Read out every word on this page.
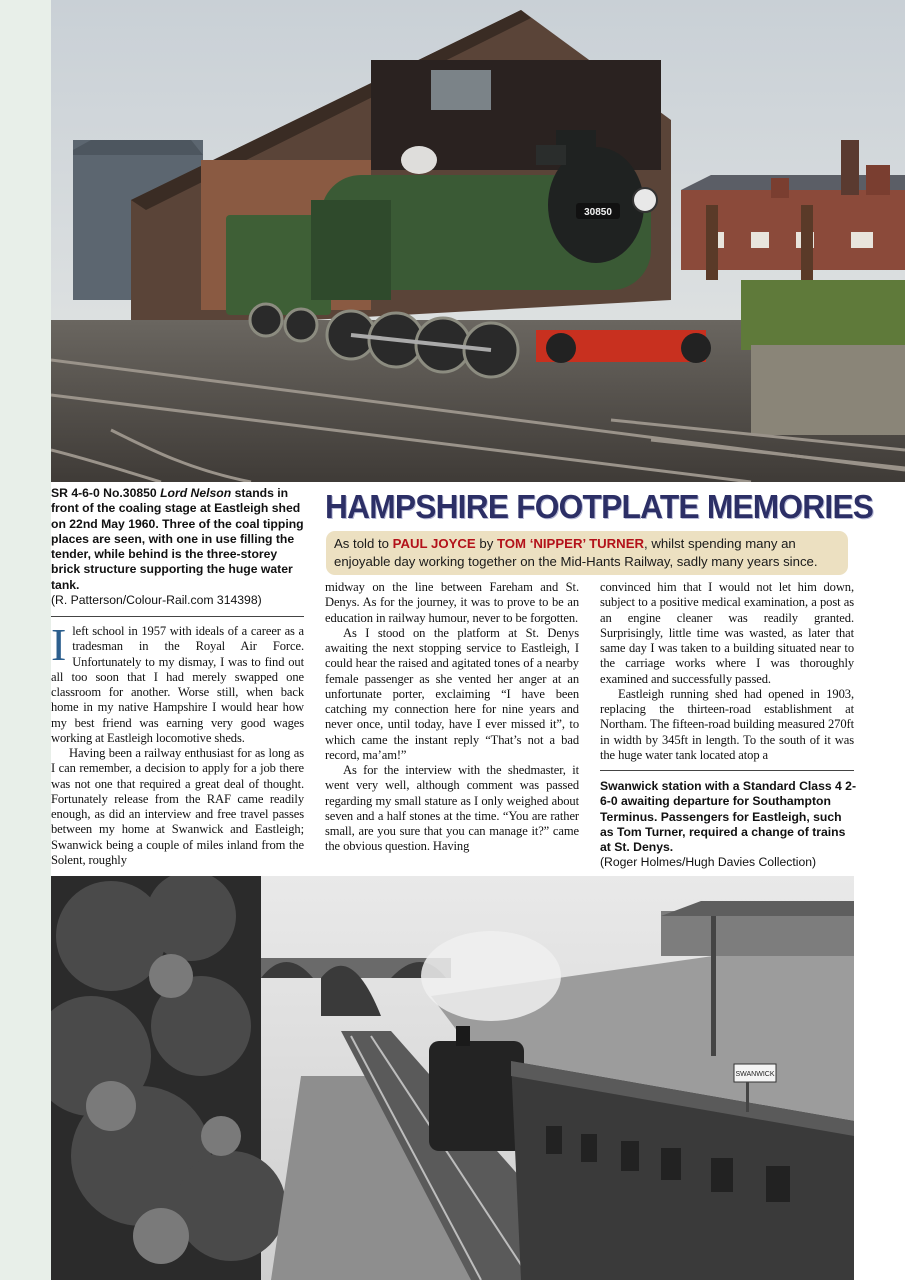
30850
SR 4-6-0 No.30850 Lord Nelson stands in front of the coaling stage at Eastleigh shed on 22nd May 1960. Three of the coal tipping places are seen, with one in use filling the tender, while behind is the three-storey brick structure supporting the huge water tank.
(R. Patterson/Colour-Rail.com 314398)
HAMPSHIRE FOOTPLATE MEMORIES
As told to PAUL JOYCE by TOM ‘NIPPER’ TURNER, whilst spending many an enjoyable day working together on the Mid-Hants Railway, sadly many years since.

Ileft school in 1957 with ideals of a career as a tradesman in the Royal Air Force. Unfortunately to my dismay, I was to find out all too soon that I had merely swapped one classroom for another. Worse still, when back home in my native Hampshire I would hear how my best friend was earning very good wages working at Eastleigh locomotive sheds.

Having been a railway enthusiast for as long as I can remember, a decision to apply for a job there was not one that required a great deal of thought. Fortunately release from the RAF came readily enough, as did an interview and free travel passes between my home at Swanwick and Eastleigh; Swanwick being a couple of miles inland from the Solent, roughly

midway on the line between Fareham and St. Denys. As for the journey, it was to prove to be an education in railway humour, never to be forgotten.

As I stood on the platform at St. Denys awaiting the next stopping service to Eastleigh, I could hear the raised and agitated tones of a nearby female passenger as she vented her anger at an unfortunate porter, exclaiming “I have been catching my connection here for nine years and never once, until today, have I ever missed it”, to which came the instant reply “That’s not a bad record, ma’am!”

As for the interview with the shedmaster, it went very well, although comment was passed regarding my small stature as I only weighed about seven and a half stones at the time. “You are rather small, are you sure that you can manage it?” came the obvious question. Having

convinced him that I would not let him down, subject to a positive medical examination, a post as an engine cleaner was readily granted. Surprisingly, little time was wasted, as later that same day I was taken to a building situated near to the carriage works where I was thoroughly examined and successfully passed.

Eastleigh running shed had opened in 1903, replacing the thirteen-road establishment at Northam. The fifteen-road building measured 270ft in width by 345ft in length. To the south of it was the huge water tank located atop a

Swanwick station with a Standard Class 4 2-6-0 awaiting departure for Southampton Terminus. Passengers for Eastleigh, such as Tom Turner, required a change of trains at St. Denys.
(Roger Holmes/Hugh Davies Collection)
SWANWICK
